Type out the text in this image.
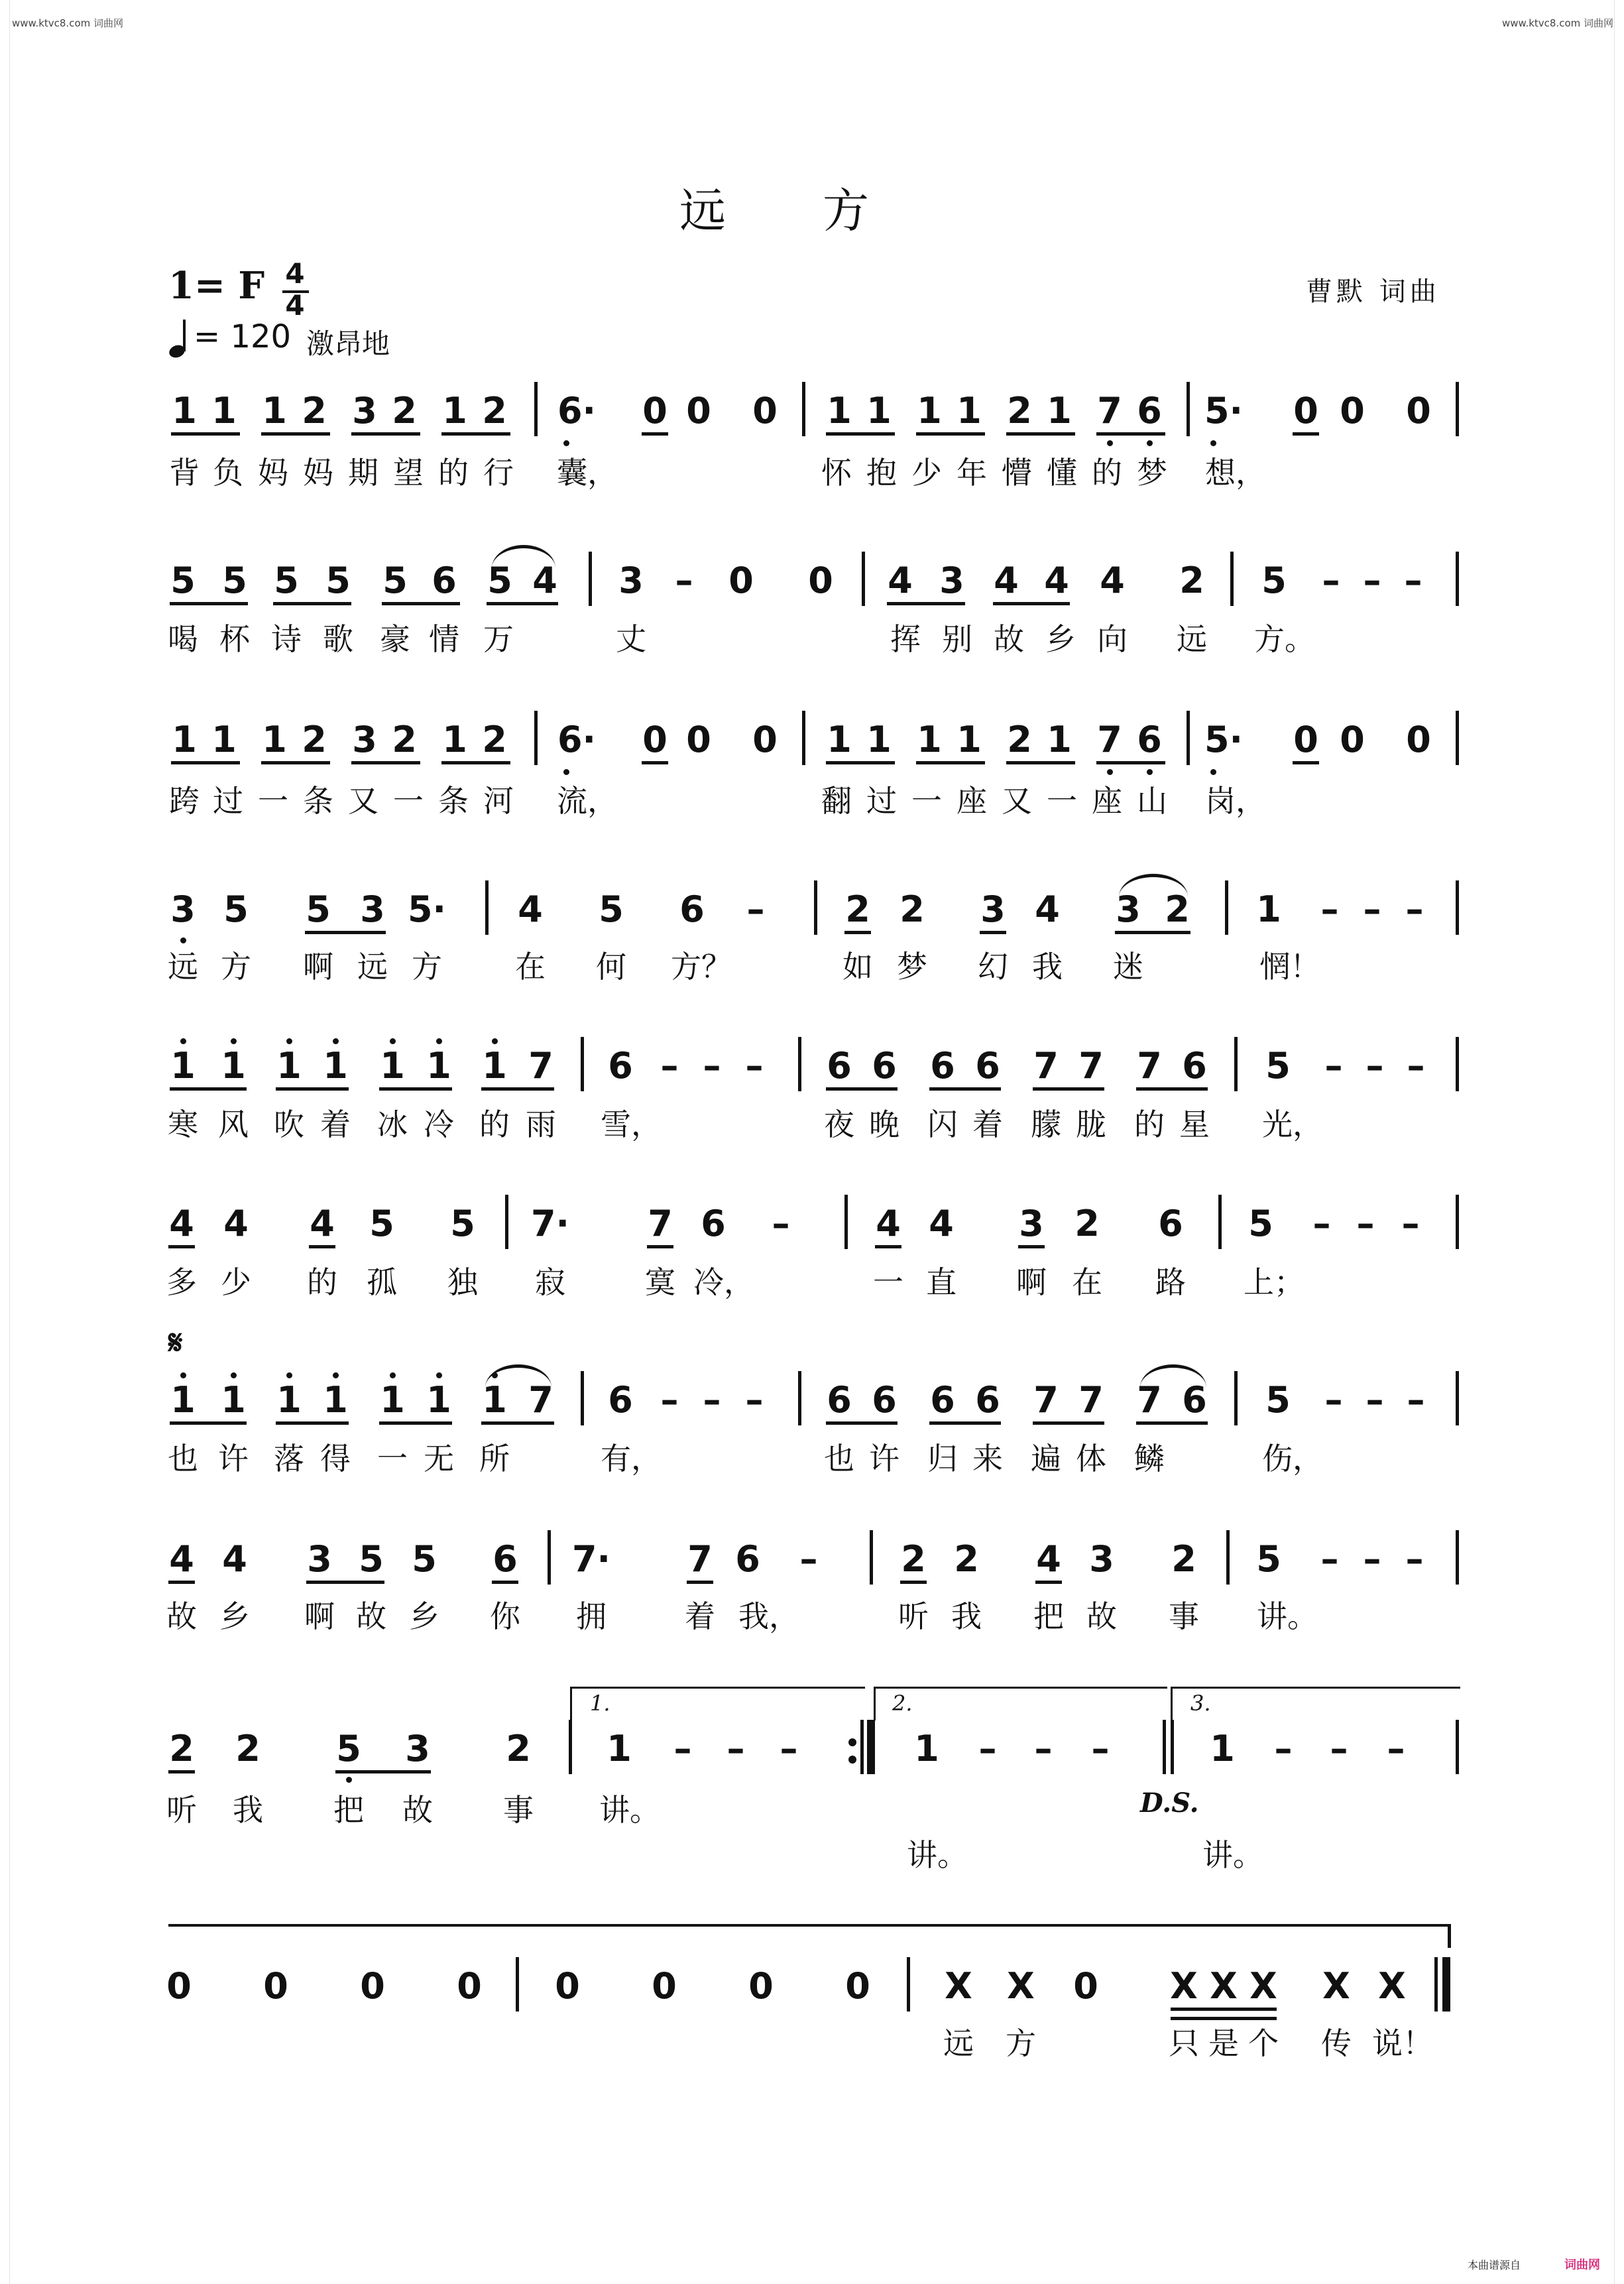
www.ktvc8.com 词曲网	www.ktvc8.com 词曲网
远　　方
1= F 4
4
= 120 激昂地
曹默 词曲
1 1 1 2 3 2 1 2 6· 0 0 0 1 1 1 1 2 1 7 6 5· 0 0 0
背 负 妈 妈 期 望 的 行	囊，	怀 抱 少 年 懵 懂 的 梦	想，
5 5 5 5 5 6 5 4 3 – 0 0 4 3 4 4 4 2 5 – – –
喝 杯 诗 歌 豪 情 万	丈	挥 别 故 乡 向	远	方。
1 1 1 2 3 2 1 2 6· 0 0 0 1 1 1 1 2 1 7 6 5· 0 0 0
跨 过 一 条 又 一 条 河	流，	翻 过 一 座 又 一 座 山	岗，
3 5 5 3 5· 4 5 6	–	2 2 3 4 3 2 1	– – –
远 方	啊 远 方	在	何	方？	如 梦	幻 我	迷	惘！
1 1 1 1 1 1 1 7 6 – – –	6 6 6 6 7 7 7 6 5 – – –
寒 风 吹 着 冰 冷 的 雨	雪，	夜 晚 闪 着 朦 胧 的 星	光，
4 4 4 5 5 7· 7 6	–	4 4 3 2 6 5	– – –
多 少	的 孤	独	寂	寞 冷，	一 直	啊 在	路	上；
𝄋
1 1 1 1 1 1 1 7 6 – – –	6 6 6 6 7 7 7 6 5 – – –
也 许 落 得 一 无 所	有，	也 许 归 来 遍 体 鳞	伤，
4 4 3 5 5 6 7· 7 6	–	2 2 4 3 2 5	– – –
故 乡	啊 故 乡	你	拥	着 我，	听 我	把 故	事	讲。
1.	2.	3.
2 2 5 3 2 1	– – –	1	–	–	–	1	–	–	–
D.S.
听	我	把	故	事	讲。
讲。	讲。
0 0 0 0 0 0 0 0 X X 0 X X X X X
远	方	只 是 个	传 说！
本曲谱源自	词曲网
